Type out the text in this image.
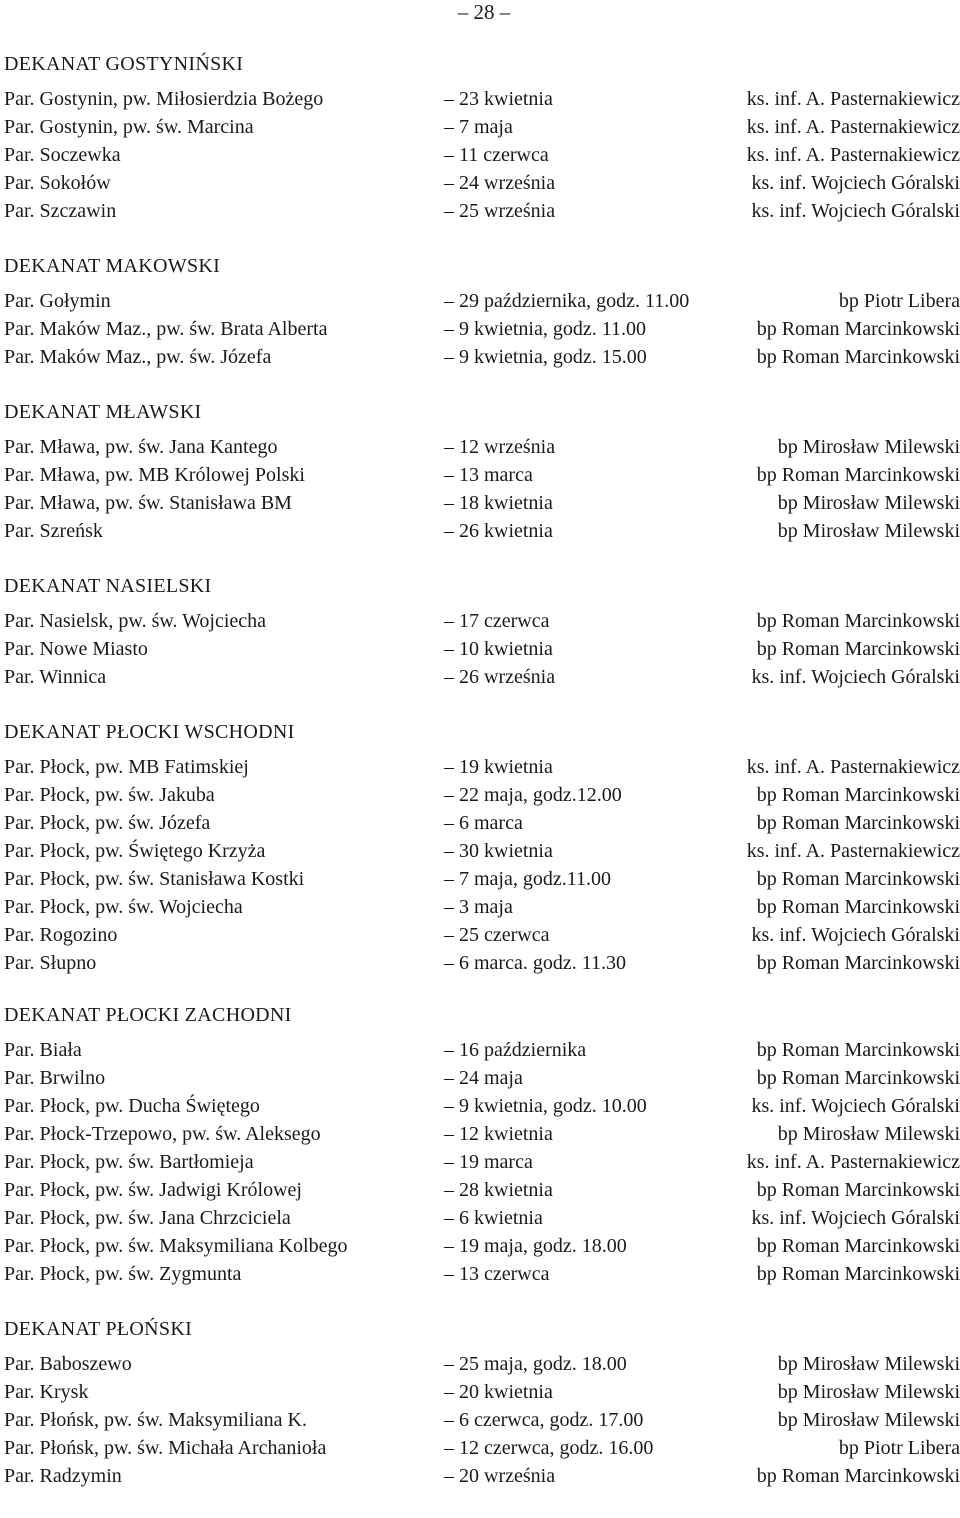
– 28 –
DEKANAT GOSTYNIŃSKI
Par. Gostynin, pw. Miłosierdzia Bożego	– 23 kwietnia	ks. inf. A. Pasternakiewicz
Par. Gostynin, pw. św. Marcina	– 7 maja	ks. inf. A. Pasternakiewicz
Par. Soczewka	– 11 czerwca	ks. inf. A. Pasternakiewicz
Par. Sokołów	– 24 września	ks. inf. Wojciech Góralski
Par. Szczawin	– 25 września	ks. inf. Wojciech Góralski
DEKANAT MAKOWSKI
Par. Gołymin	– 29 października, godz. 11.00	bp Piotr Libera
Par. Maków Maz., pw. św. Brata Alberta	– 9 kwietnia, godz. 11.00	bp Roman Marcinkowski
Par. Maków Maz., pw. św. Józefa	– 9 kwietnia, godz. 15.00	bp Roman Marcinkowski
DEKANAT MŁAWSKI
Par. Mława, pw. św. Jana Kantego	– 12 września	bp Mirosław Milewski
Par. Mława, pw. MB Królowej Polski	– 13 marca	bp Roman Marcinkowski
Par. Mława, pw. św. Stanisława BM	– 18 kwietnia	bp Mirosław Milewski
Par. Szreńsk	– 26 kwietnia	bp Mirosław Milewski
DEKANAT NASIELSKI
Par. Nasielsk, pw. św. Wojciecha	– 17 czerwca	bp Roman Marcinkowski
Par. Nowe Miasto	– 10 kwietnia	bp Roman Marcinkowski
Par. Winnica	– 26 września	ks. inf. Wojciech Góralski
DEKANAT PŁOCKI WSCHODNI
Par. Płock, pw. MB Fatimskiej	– 19 kwietnia	ks. inf. A. Pasternakiewicz
Par. Płock, pw. św. Jakuba	– 22 maja, godz.12.00	bp Roman Marcinkowski
Par. Płock, pw. św. Józefa	– 6 marca	bp Roman Marcinkowski
Par. Płock, pw. Świętego Krzyża	– 30 kwietnia	ks. inf. A. Pasternakiewicz
Par. Płock, pw. św. Stanisława Kostki	– 7 maja, godz.11.00	bp Roman Marcinkowski
Par. Płock, pw. św. Wojciecha	– 3 maja	bp Roman Marcinkowski
Par. Rogozino	– 25 czerwca	ks. inf. Wojciech Góralski
Par. Słupno	– 6 marca. godz. 11.30	bp Roman Marcinkowski
DEKANAT PŁOCKI ZACHODNI
Par. Biała	– 16 października	bp Roman Marcinkowski
Par. Brwilno	– 24 maja	bp Roman Marcinkowski
Par. Płock, pw. Ducha Świętego	– 9 kwietnia, godz. 10.00	ks. inf. Wojciech Góralski
Par. Płock-Trzepowo, pw. św. Aleksego	– 12 kwietnia	bp Mirosław Milewski
Par. Płock, pw. św. Bartłomieja	– 19 marca	ks. inf. A. Pasternakiewicz
Par. Płock, pw. św. Jadwigi Królowej	– 28 kwietnia	bp Roman Marcinkowski
Par. Płock, pw. św. Jana Chrzciciela	– 6 kwietnia	ks. inf. Wojciech Góralski
Par. Płock, pw. św. Maksymiliana Kolbego	– 19 maja, godz. 18.00	bp Roman Marcinkowski
Par. Płock, pw. św. Zygmunta	– 13 czerwca	bp Roman Marcinkowski
DEKANAT PŁOŃSKI
Par. Baboszewo	– 25 maja, godz. 18.00	bp Mirosław Milewski
Par. Krysk	– 20 kwietnia	bp Mirosław Milewski
Par. Płońsk, pw. św. Maksymiliana K.	– 6 czerwca, godz. 17.00	bp Mirosław Milewski
Par. Płońsk, pw. św. Michała Archanioła	– 12 czerwca, godz. 16.00	bp Piotr Libera
Par. Radzymin	– 20 września	bp Roman Marcinkowski
